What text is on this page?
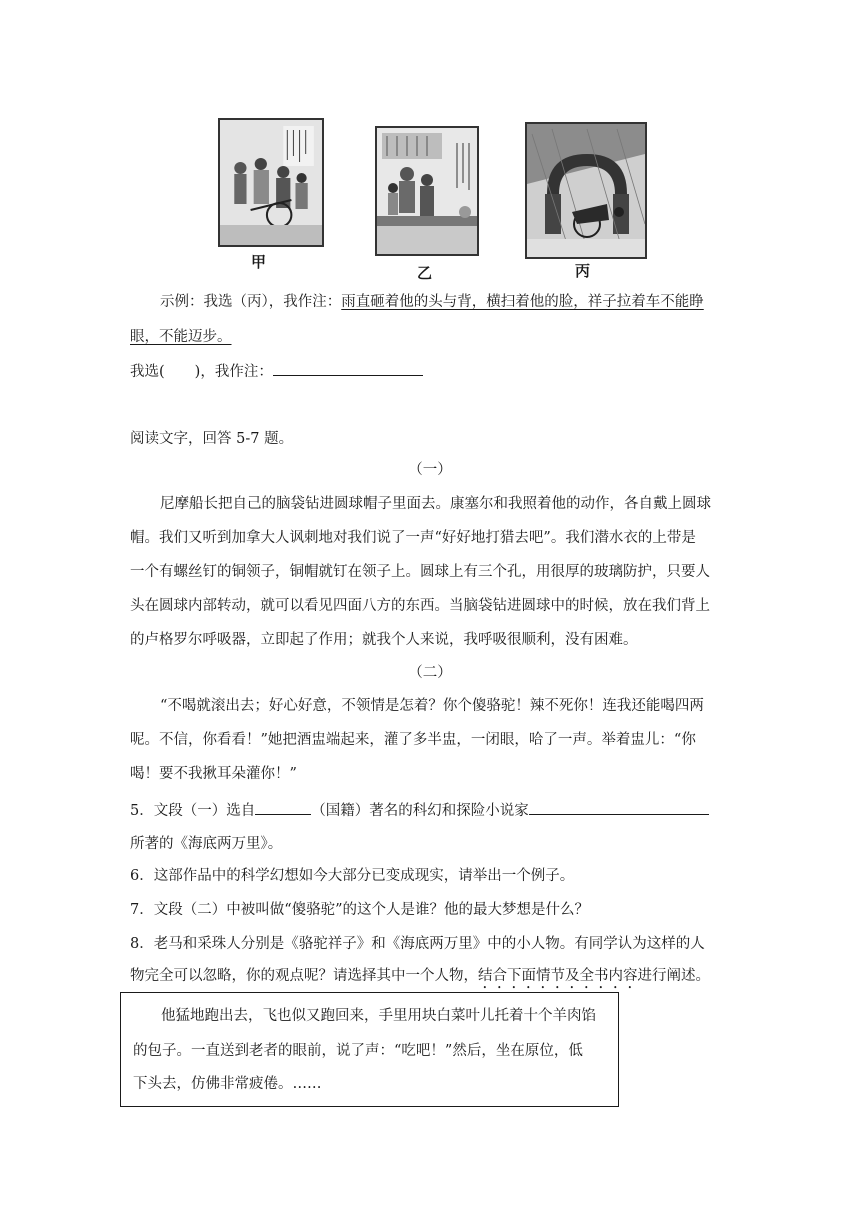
甲
乙	丙
示例：我选（丙），我作注：雨直砸着他的头与背，横扫着他的脸，祥子拉着车不能睁
眼，不能迈步。
我选( )，我作注：
阅读文字，回答 5-7 题。
（一）
尼摩船长把自己的脑袋钻进圆球帽子里面去。康塞尔和我照着他的动作，各自戴上圆球
帽。我们又听到加拿大人讽刺地对我们说了一声“好好地打猎去吧”。我们潜水衣的上带是
一个有螺丝钉的铜领子，铜帽就钉在领子上。圆球上有三个孔，用很厚的玻璃防护，只要人
头在圆球内部转动，就可以看见四面八方的东西。当脑袋钻进圆球中的时候，放在我们背上
的卢格罗尔呼吸器，立即起了作用；就我个人来说，我呼吸很顺利，没有困难。
（二）
“不喝就滚出去；好心好意，不领情是怎着？你个傻骆驼！辣不死你！连我还能喝四两
呢。不信，你看看！”她把酒盅端起来，灌了多半盅，一闭眼，哈了一声。举着盅儿：“你
喝！要不我揪耳朵灌你！”
5．文段（一）选自	（国籍）著名的科幻和探险小说家
所著的《海底两万里》。
6．这部作品中的科学幻想如今大部分已变成现实，请举出一个例子。
7．文段（二）中被叫做“傻骆驼”的这个人是谁？他的最大梦想是什么？
8．老马和采珠人分别是《骆驼祥子》和《海底两万里》中的小人物。有同学认为这样的人
物完全可以忽略，你的观点呢？请选择其中一个人物，结合下面情节及全书内容进行阐述。
他猛地跑出去，飞也似又跑回来，手里用块白菜叶儿托着十个羊肉馅
的包子。一直送到老者的眼前，说了声：“吃吧！”然后，坐在原位，低
下头去，仿佛非常疲倦。……
